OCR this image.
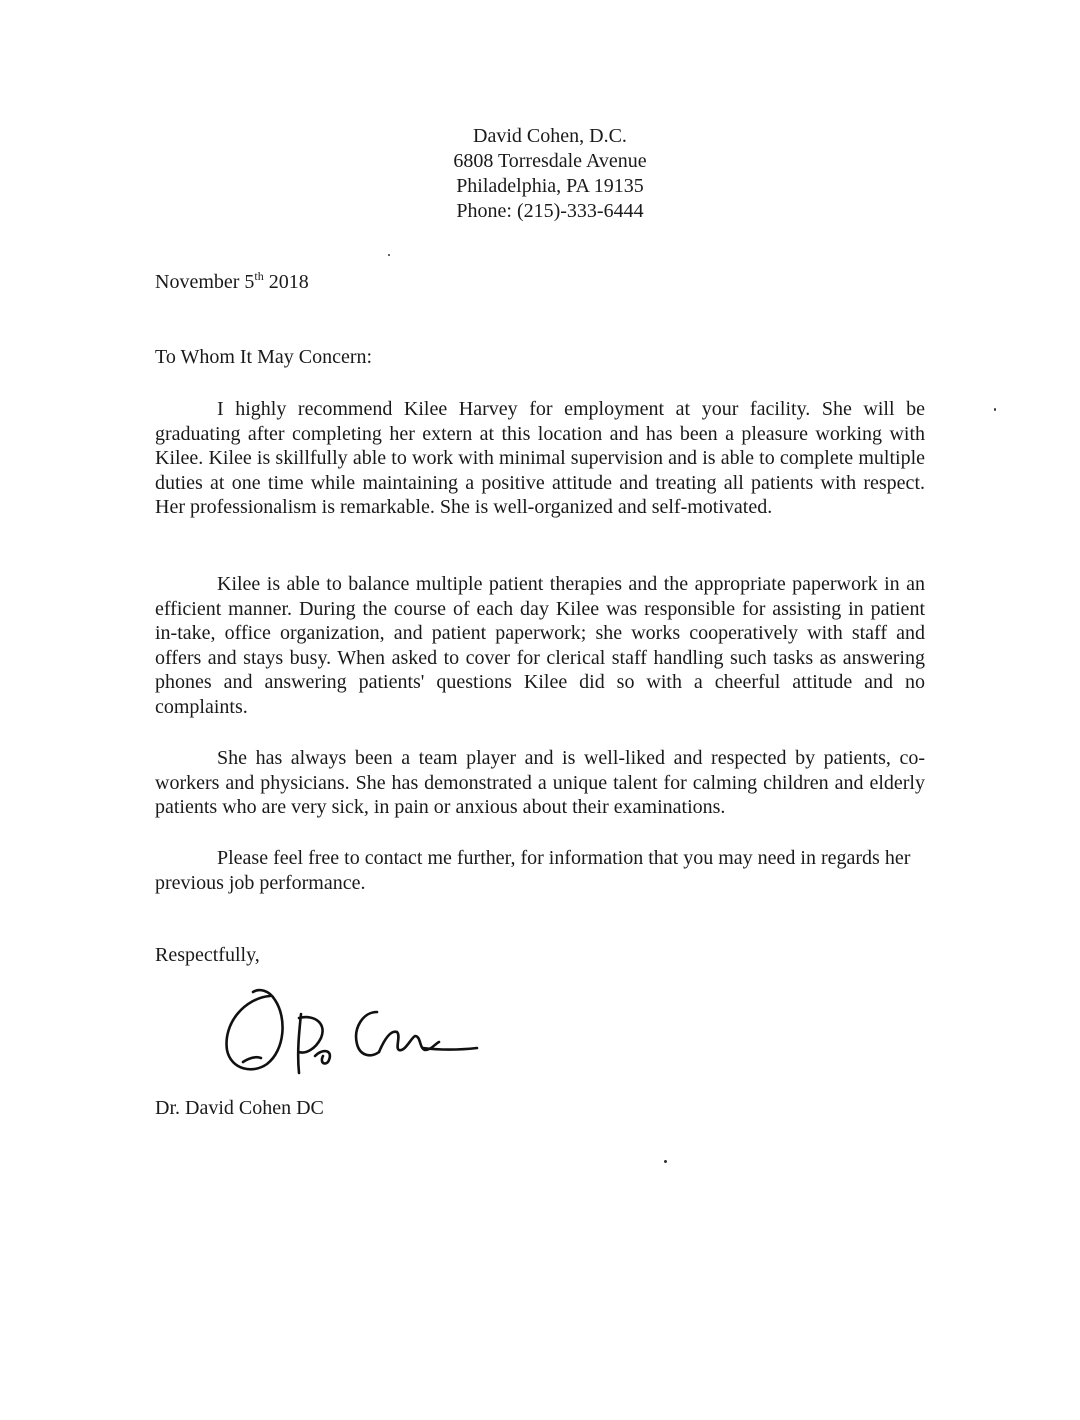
David Cohen, D.C.
6808 Torresdale Avenue
Philadelphia, PA 19135
Phone: (215)-333-6444
November 5th 2018
To Whom It May Concern:
I highly recommend Kilee Harvey for employment at your facility. She will be graduating after completing her extern at this location and has been a pleasure working with Kilee. Kilee is skillfully able to work with minimal supervision and is able to complete multiple duties at one time while maintaining a positive attitude and treating all patients with respect. Her professionalism is remarkable. She is well-organized and self-motivated.
Kilee is able to balance multiple patient therapies and the appropriate paperwork in an efficient manner. During the course of each day Kilee was responsible for assisting in patient in-take, office organization, and patient paperwork; she works cooperatively with staff and offers and stays busy. When asked to cover for clerical staff handling such tasks as answering phones and answering patients' questions Kilee did so with a cheerful attitude and no complaints.
She has always been a team player and is well-liked and respected by patients, co-workers and physicians. She has demonstrated a unique talent for calming children and elderly patients who are very sick, in pain or anxious about their examinations.
Please feel free to contact me further, for information that you may need in regards her previous job performance.
Respectfully,
Dr. David Cohen DC
